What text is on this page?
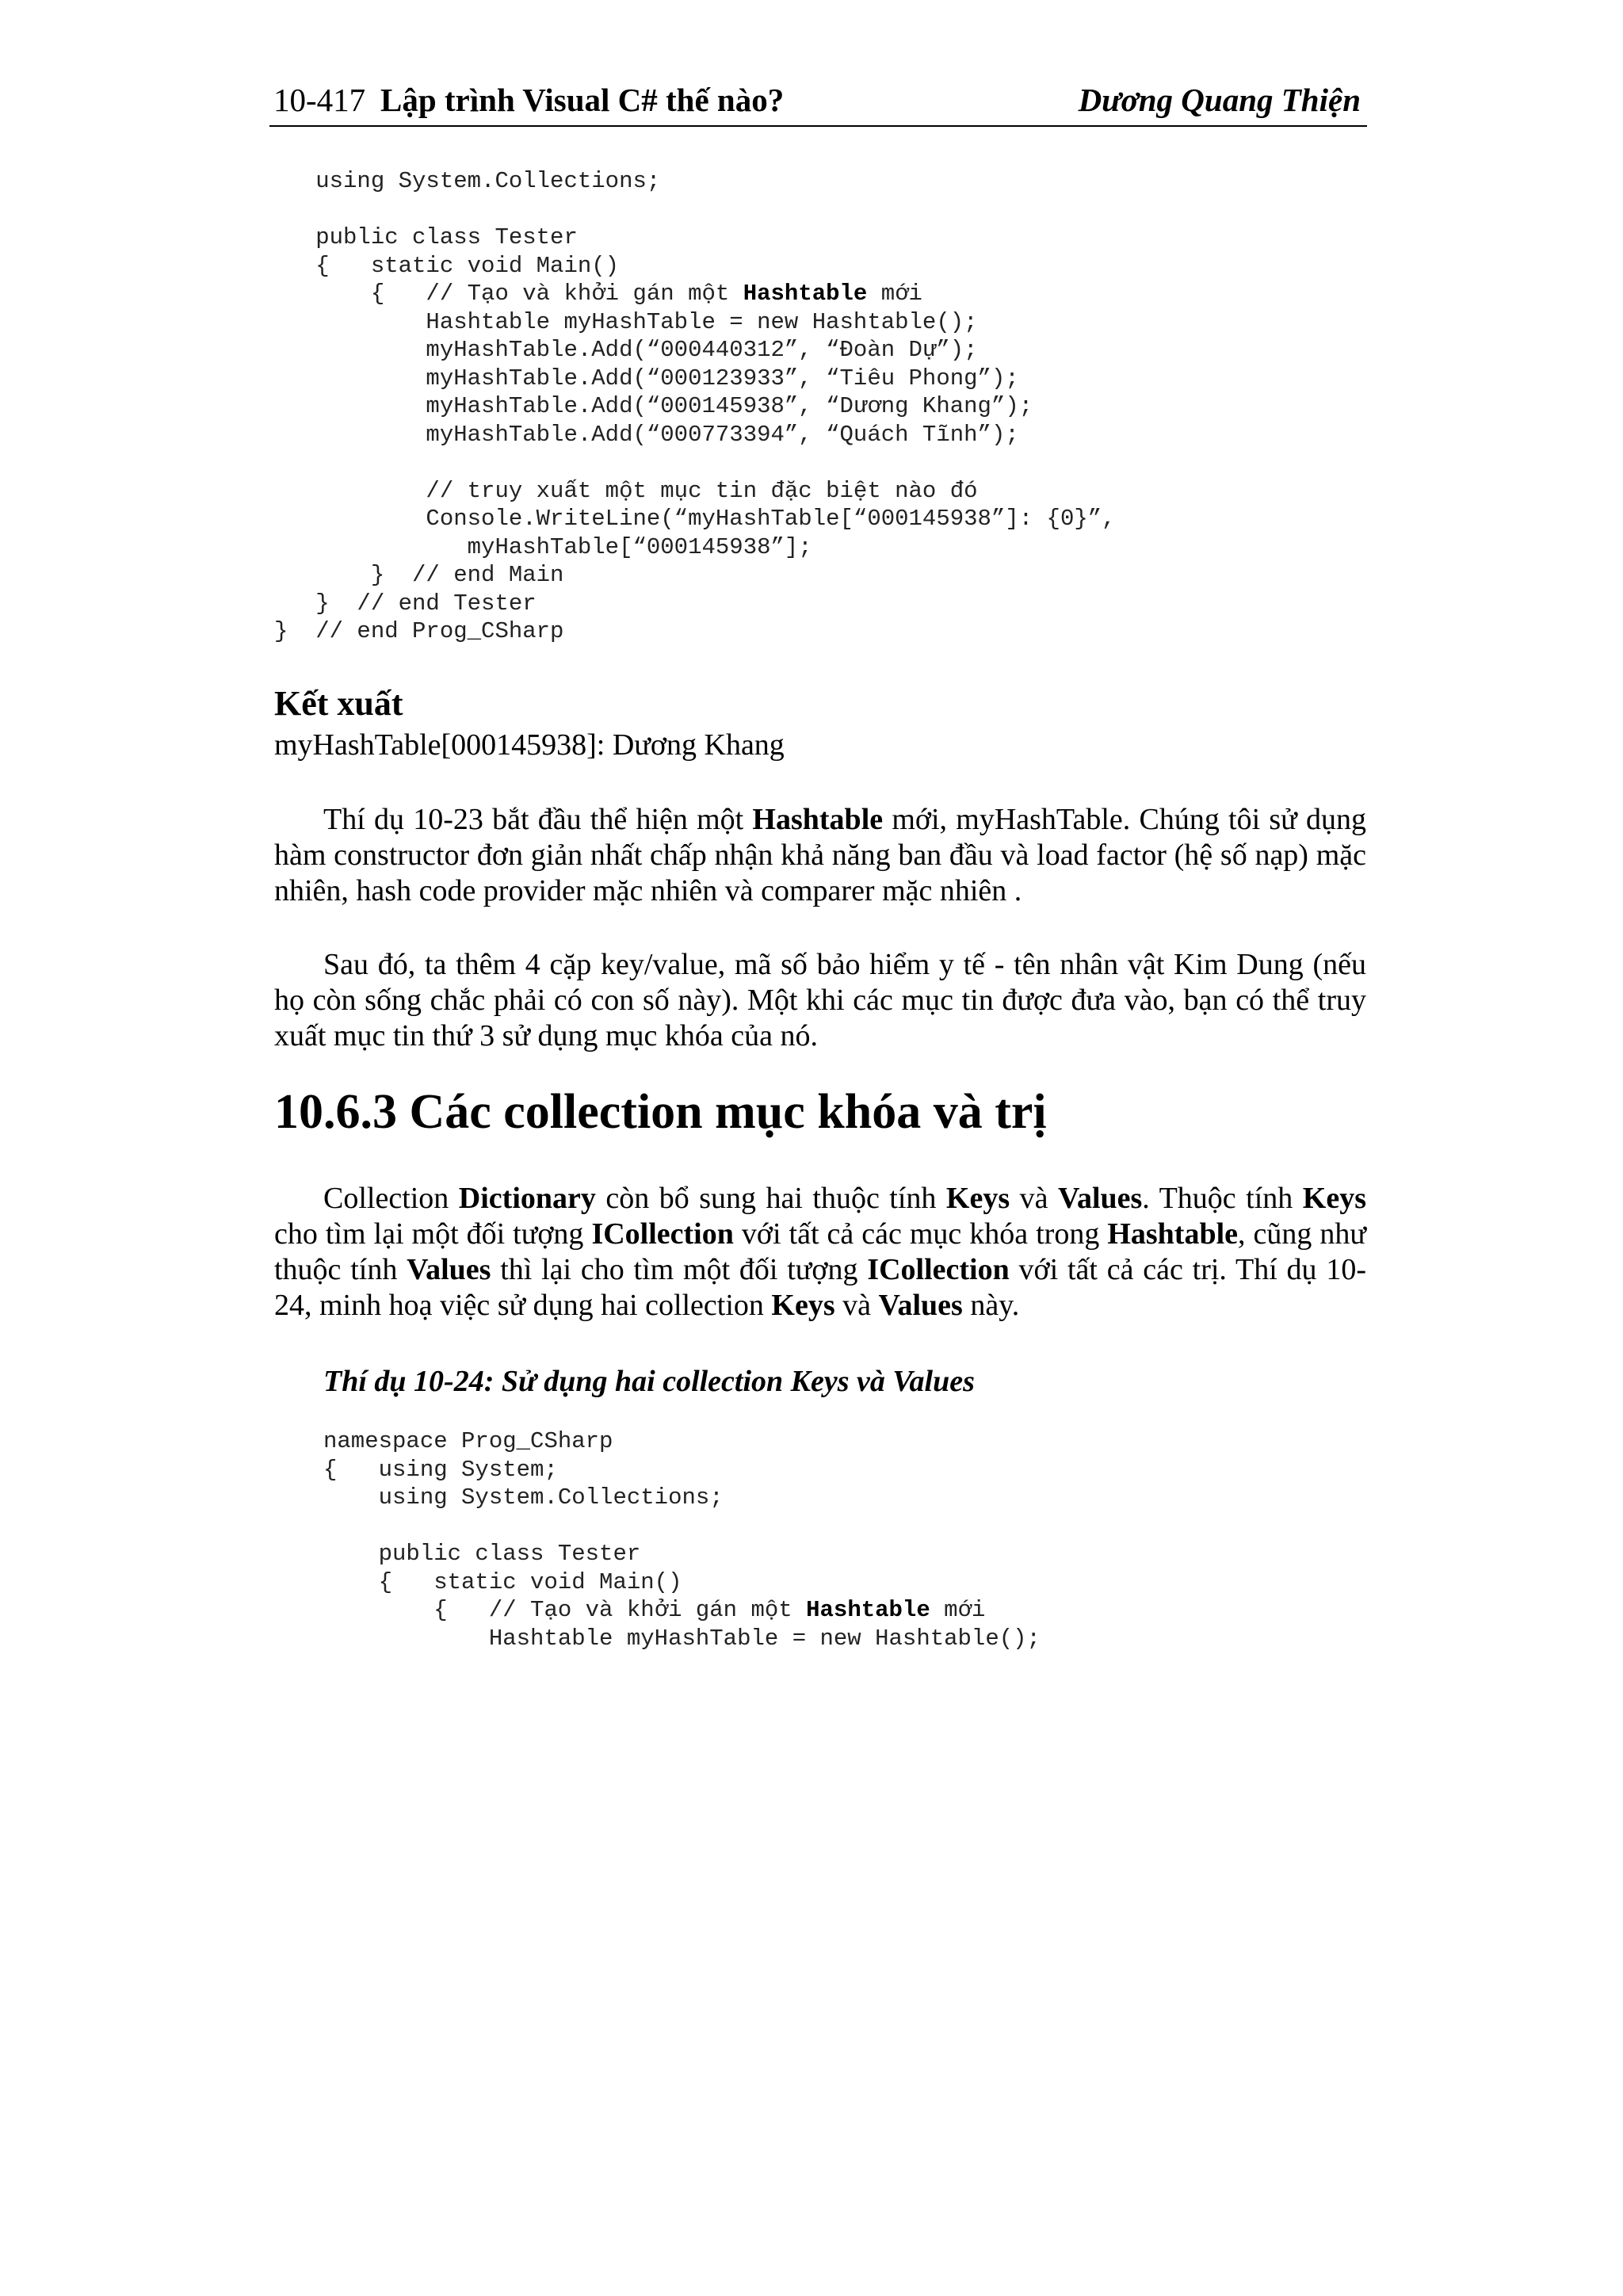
10-417 Lập trình Visual C# thế nào?	Dương Quang Thiện
using System.Collections;

public class Tester
{   static void Main()
{   // Tạo và khởi gán một Hashtable mới
Hashtable myHashTable = new Hashtable();
myHashTable.Add(“000440312”, “Đoàn Dự”);
myHashTable.Add(“000123933”, “Tiêu Phong”);
myHashTable.Add(“000145938”, “Dương Khang”);
myHashTable.Add(“000773394”, “Quách Tĩnh”);

// truy xuất một mục tin đặc biệt nào đó
Console.WriteLine(“myHashTable[“000145938”]: {0}”,
myHashTable[“000145938”];
}  // end Main
}  // end Tester
}  // end Prog_CSharp
Kết xuất
myHashTable[000145938]: Dương Khang

Thí dụ 10-23 bắt đầu thể hiện một Hashtable mới, myHashTable. Chúng tôi sử dụng hàm constructor đơn giản nhất chấp nhận khả năng ban đầu và load factor (hệ số nạp) mặc nhiên, hash code provider mặc nhiên và comparer mặc nhiên .

Sau đó, ta thêm 4 cặp key/value, mã số bảo hiểm y tế - tên nhân vật Kim Dung (nếu họ còn sống chắc phải có con số này). Một khi các mục tin được đưa vào, bạn có thể truy xuất mục tin thứ 3 sử dụng mục khóa của nó.

10.6.3 Các collection mục khóa và trị

Collection Dictionary còn bổ sung hai thuộc tính Keys và Values. Thuộc tính Keys cho tìm lại một đối tượng ICollection với tất cả các mục khóa trong Hashtable, cũng như thuộc tính Values thì lại cho tìm một đối tượng ICollection với tất cả các trị. Thí dụ 10-24, minh hoạ việc sử dụng hai collection Keys và Values này.

Thí dụ 10-24: Sử dụng hai collection Keys và Values
namespace Prog_CSharp
{   using System;
using System.Collections;

public class Tester
{   static void Main()
{   // Tạo và khởi gán một Hashtable mới
Hashtable myHashTable = new Hashtable();
